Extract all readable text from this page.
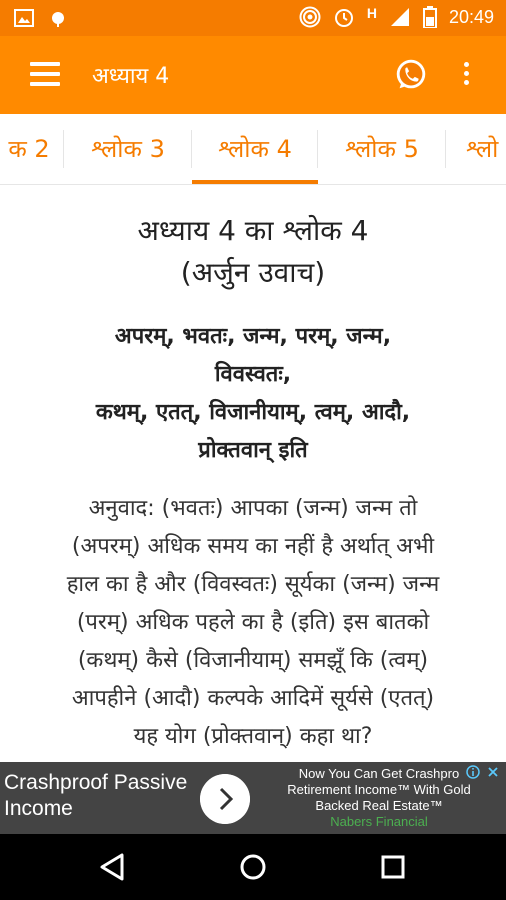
H	20:49
अध्याय 4
क 2	श्लोक 3	श्लोक 4	श्लोक 5	श्लो
अध्याय 4 का श्लोक 4
(अर्जुन उवाच)
अपरम्, भवतः, जन्म, परम्, जन्म,
विवस्वतः,
कथम्, एतत्, विजानीयाम्, त्वम्, आदौ,
प्रोक्तवान् इति
अनुवाद: (भवतः) आपका (जन्म) जन्म तो
(अपरम्) अधिक समय का नहीं है अर्थात् अभी
हाल का है और (विवस्वतः) सूर्यका (जन्म) जन्म
(परम्) अधिक पहले का है (इति) इस बातको
(कथम्) कैसे (विजानीयाम्) समझूँ कि (त्वम्)
आपहीने (आदौ) कल्पके आदिमें सूर्यसे (एतत्)
यह योग (प्रोक्तवान्) कहा था?
Crashproof Passive
Income
Now You Can Get Crashpro
Retirement Income™ With Gold
Backed Real Estate™
Nabers Financial
